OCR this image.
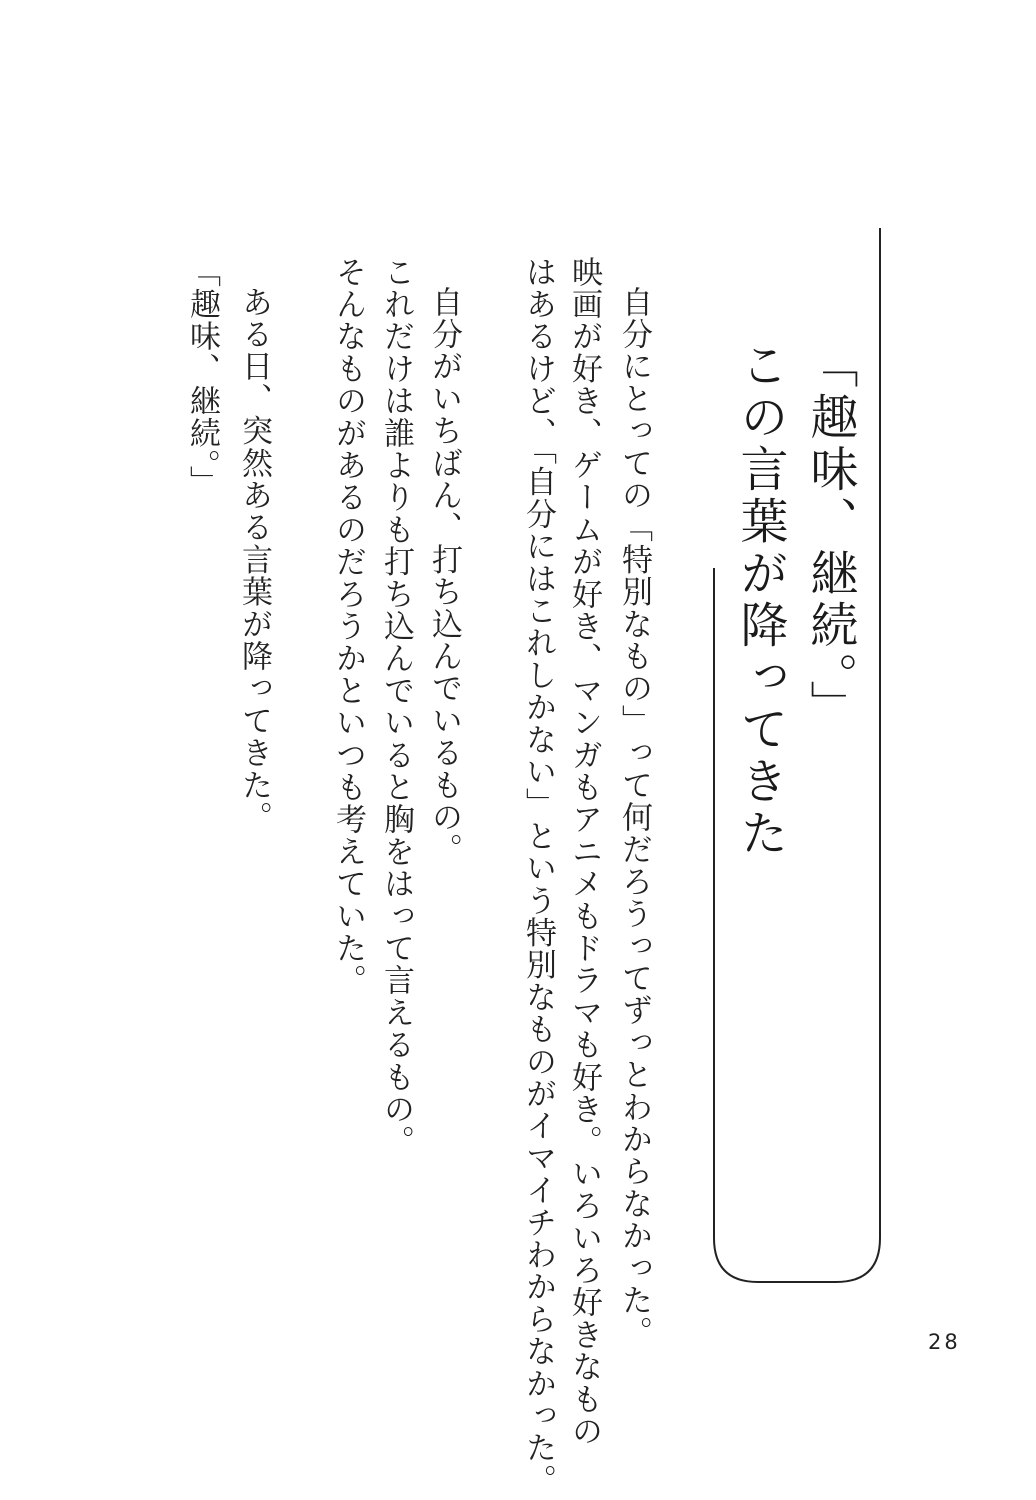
「趣味、継続。」
この言葉が降ってきた
自分にとっての「特別なもの」って何だろうってずっとわからなかった。
映画が好き、ゲームが好き、マンガもアニメもドラマも好き。いろいろ好きなもの
はあるけど、「自分にはこれしかない」という特別なものがイマイチわからなかった。
自分がいちばん、打ち込んでいるもの。
これだけは誰よりも打ち込んでいると胸をはって言えるもの。
そんなものがあるのだろうかといつも考えていた。
ある日、突然ある言葉が降ってきた。
「趣味、継続。」
28
